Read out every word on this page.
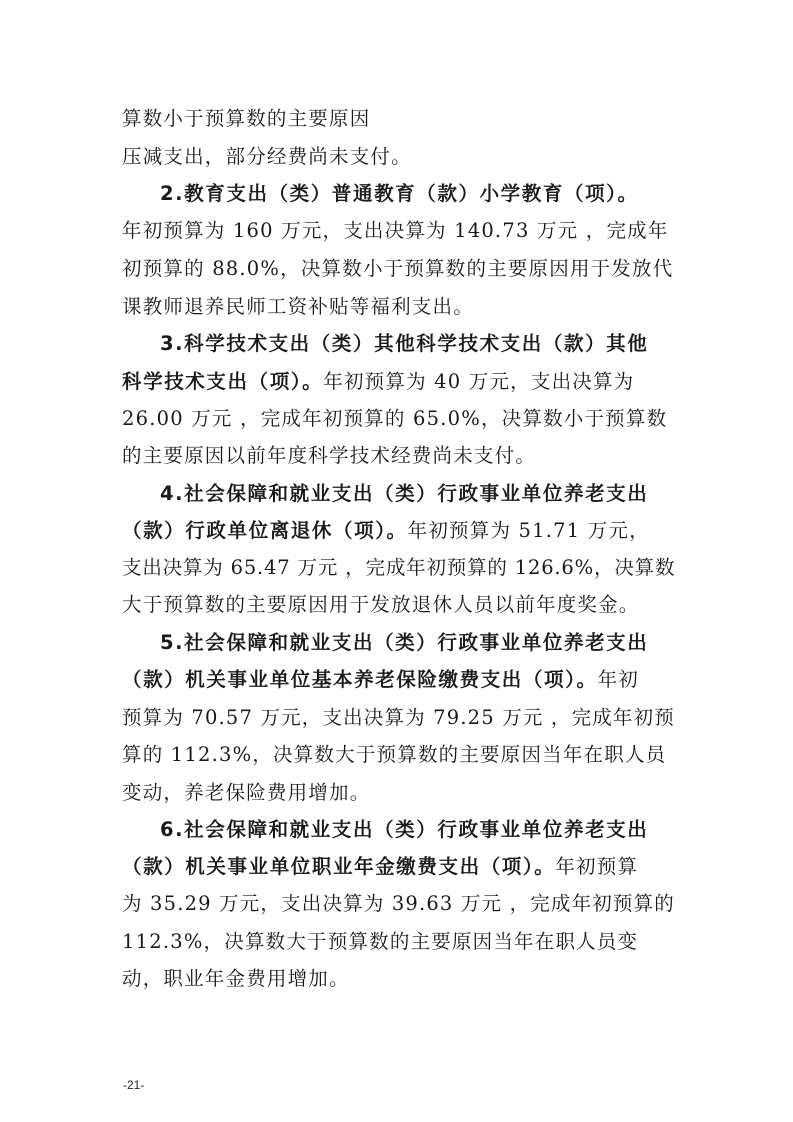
算数小于预算数的主要原因
压减支出，部分经费尚未支付。
2.教育支出（类）普通教育（款）小学教育（项）。
年初预算为 160 万元，支出决算为 140.73 万元 ，完成年
初预算的 88.0%，决算数小于预算数的主要原因用于发放代
课教师退养民师工资补贴等福利支出。
3.科学技术支出（类）其他科学技术支出（款）其他
科学技术支出（项）。年初预算为 40 万元，支出决算为
26.00 万元 ，完成年初预算的 65.0%，决算数小于预算数
的主要原因以前年度科学技术经费尚未支付。
4.社会保障和就业支出（类）行政事业单位养老支出
（款）行政单位离退休（项）。年初预算为 51.71 万元，
支出决算为 65.47 万元 ，完成年初预算的 126.6%，决算数
大于预算数的主要原因用于发放退休人员以前年度奖金。
5.社会保障和就业支出（类）行政事业单位养老支出
（款）机关事业单位基本养老保险缴费支出（项）。年初
预算为 70.57 万元，支出决算为 79.25 万元 ，完成年初预
算的 112.3%，决算数大于预算数的主要原因当年在职人员
变动，养老保险费用增加。
6.社会保障和就业支出（类）行政事业单位养老支出
（款）机关事业单位职业年金缴费支出（项）。年初预算
为 35.29 万元，支出决算为 39.63 万元 ，完成年初预算的
112.3%，决算数大于预算数的主要原因当年在职人员变
动，职业年金费用增加。
-21-
